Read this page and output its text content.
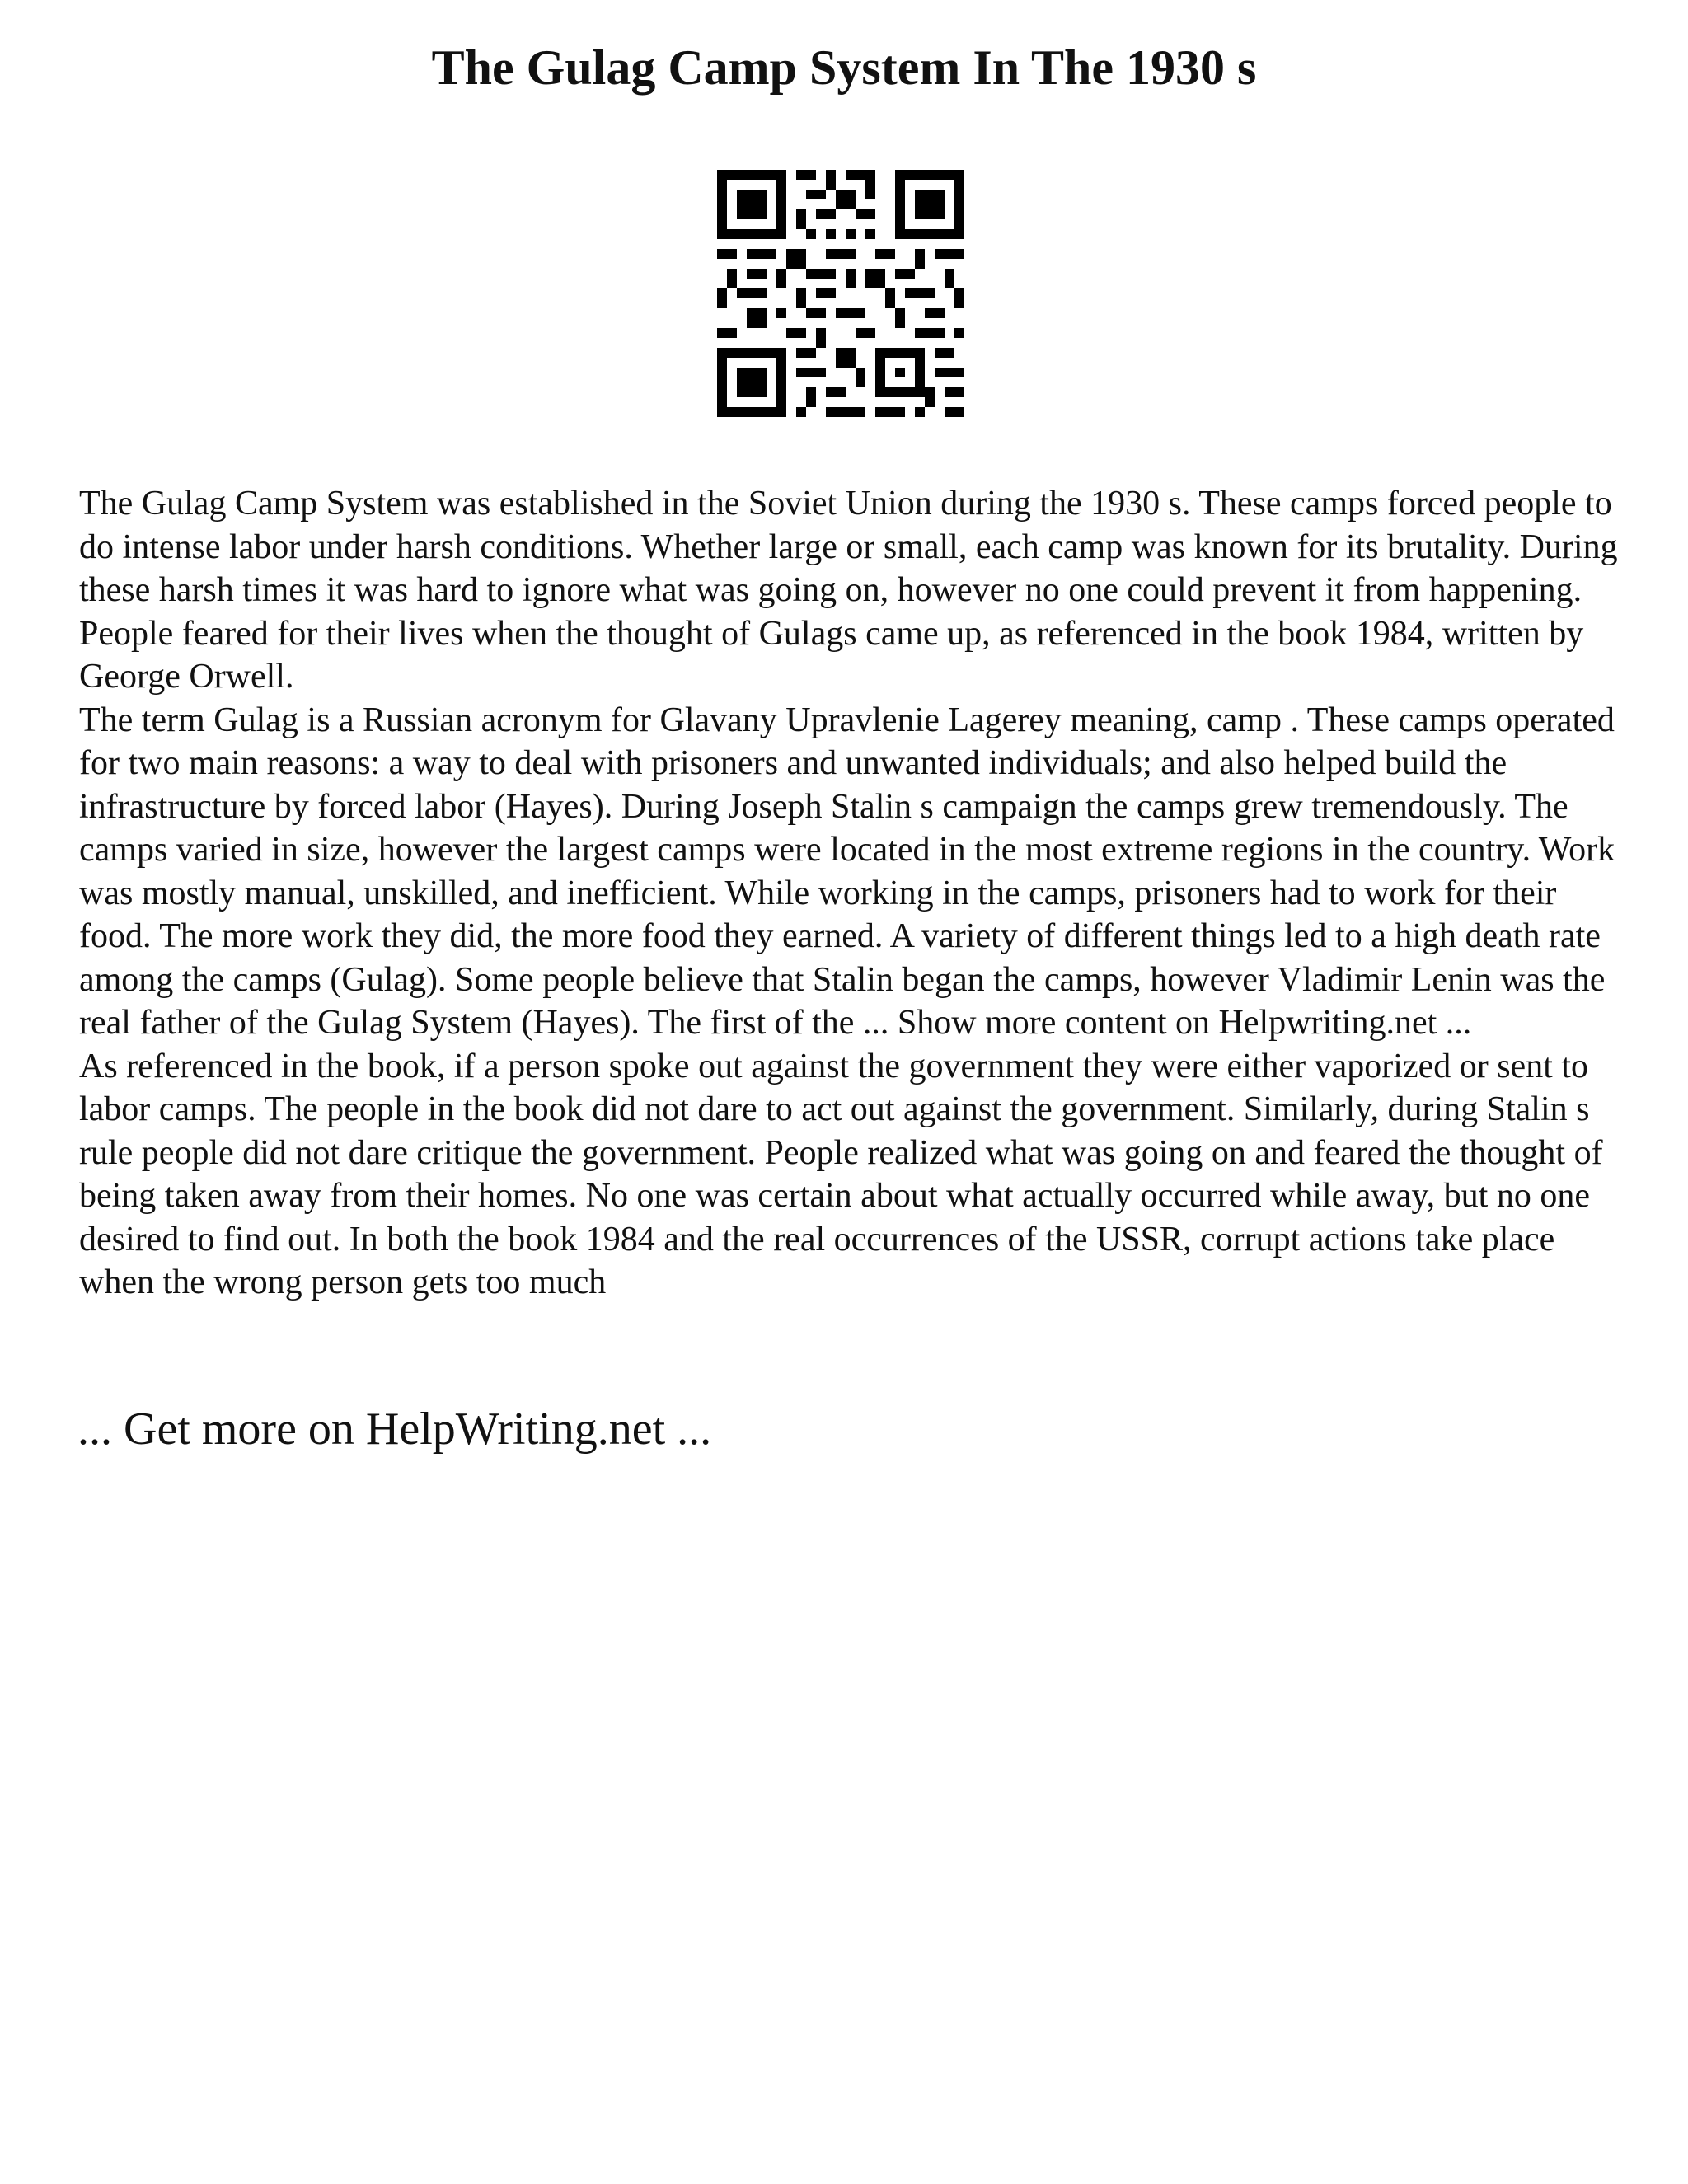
The Gulag Camp System In The 1930 s

The Gulag Camp System was established in the Soviet Union during the 1930 s. These camps forced people to do intense labor under harsh conditions. Whether large or small, each camp was known for its brutality. During these harsh times it was hard to ignore what was going on, however no one could prevent it from happening. People feared for their lives when the thought of Gulags came up, as referenced in the book 1984, written by George Orwell.

The term Gulag is a Russian acronym for Glavany Upravlenie Lagerey meaning, camp . These camps operated for two main reasons: a way to deal with prisoners and unwanted individuals; and also helped build the infrastructure by forced labor (Hayes). During Joseph Stalin s campaign the camps grew tremendously. The camps varied in size, however the largest camps were located in the most extreme regions in the country. Work was mostly manual, unskilled, and inefficient. While working in the camps, prisoners had to work for their food. The more work they did, the more food they earned. A variety of different things led to a high death rate among the camps (Gulag). Some people believe that Stalin began the camps, however Vladimir Lenin was the real father of the Gulag System (Hayes). The first of the ... Show more content on Helpwriting.net ...

As referenced in the book, if a person spoke out against the government they were either vaporized or sent to labor camps. The people in the book did not dare to act out against the government. Similarly, during Stalin s rule people did not dare critique the government. People realized what was going on and feared the thought of being taken away from their homes. No one was certain about what actually occurred while away, but no one desired to find out. In both the book 1984 and the real occurrences of the USSR, corrupt actions take place when the wrong person gets too much

... Get more on HelpWriting.net ...
